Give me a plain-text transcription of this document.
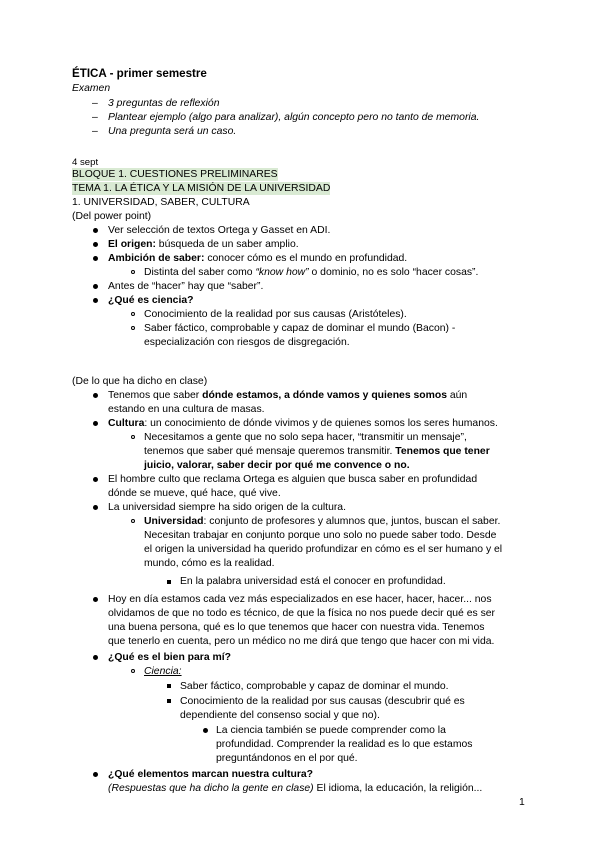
ÉTICA - primer semestre
Examen
– 3 preguntas de reflexión
– Plantear ejemplo (algo para analizar), algún concepto pero no tanto de memoria.
– Una pregunta será un caso.
4 sept
BLOQUE 1. CUESTIONES PRELIMINARES
TEMA 1. LA ÉTICA Y LA MISIÓN DE LA UNIVERSIDAD
1. UNIVERSIDAD, SABER, CULTURA
(Del power point)
Ver selección de textos Ortega y Gasset en ADI.
El origen: búsqueda de un saber amplio.
Ambición de saber: conocer cómo es el mundo en profundidad.
Distinta del saber como “know how” o dominio, no es solo “hacer cosas”.
Antes de “hacer” hay que “saber”.
¿Qué es ciencia?
Conocimiento de la realidad por sus causas (Aristóteles).
Saber fáctico, comprobable y capaz de dominar el mundo (Bacon) -
especialización con riesgos de disgregación.
(De lo que ha dicho en clase)
Tenemos que saber dónde estamos, a dónde vamos y quienes somos aún
estando en una cultura de masas.
Cultura: un conocimiento de dónde vivimos y de quienes somos los seres humanos.
Necesitamos a gente que no solo sepa hacer, “transmitir un mensaje”,
tenemos que saber qué mensaje queremos transmitir. Tenemos que tener
juicio, valorar, saber decir por qué me convence o no.
El hombre culto que reclama Ortega es alguien que busca saber en profundidad
dónde se mueve, qué hace, qué vive.
La universidad siempre ha sido origen de la cultura.
Universidad: conjunto de profesores y alumnos que, juntos, buscan el saber.
Necesitan trabajar en conjunto porque uno solo no puede saber todo. Desde
el origen la universidad ha querido profundizar en cómo es el ser humano y el
mundo, cómo es la realidad.
En la palabra universidad está el conocer en profundidad.
Hoy en día estamos cada vez más especializados en ese hacer, hacer, hacer... nos
olvidamos de que no todo es técnico, de que la física no nos puede decir qué es ser
una buena persona, qué es lo que tenemos que hacer con nuestra vida. Tenemos
que tenerlo en cuenta, pero un médico no me dirá que tengo que hacer con mi vida.
¿Qué es el bien para mí?
Ciencia:
Saber fáctico, comprobable y capaz de dominar el mundo.
Conocimiento de la realidad por sus causas (descubrir qué es
dependiente del consenso social y que no).
La ciencia también se puede comprender como la
profundidad. Comprender la realidad es lo que estamos
preguntándonos en el por qué.
¿Qué elementos marcan nuestra cultura?
(Respuestas que ha dicho la gente en clase) El idioma, la educación, la religión...
1
